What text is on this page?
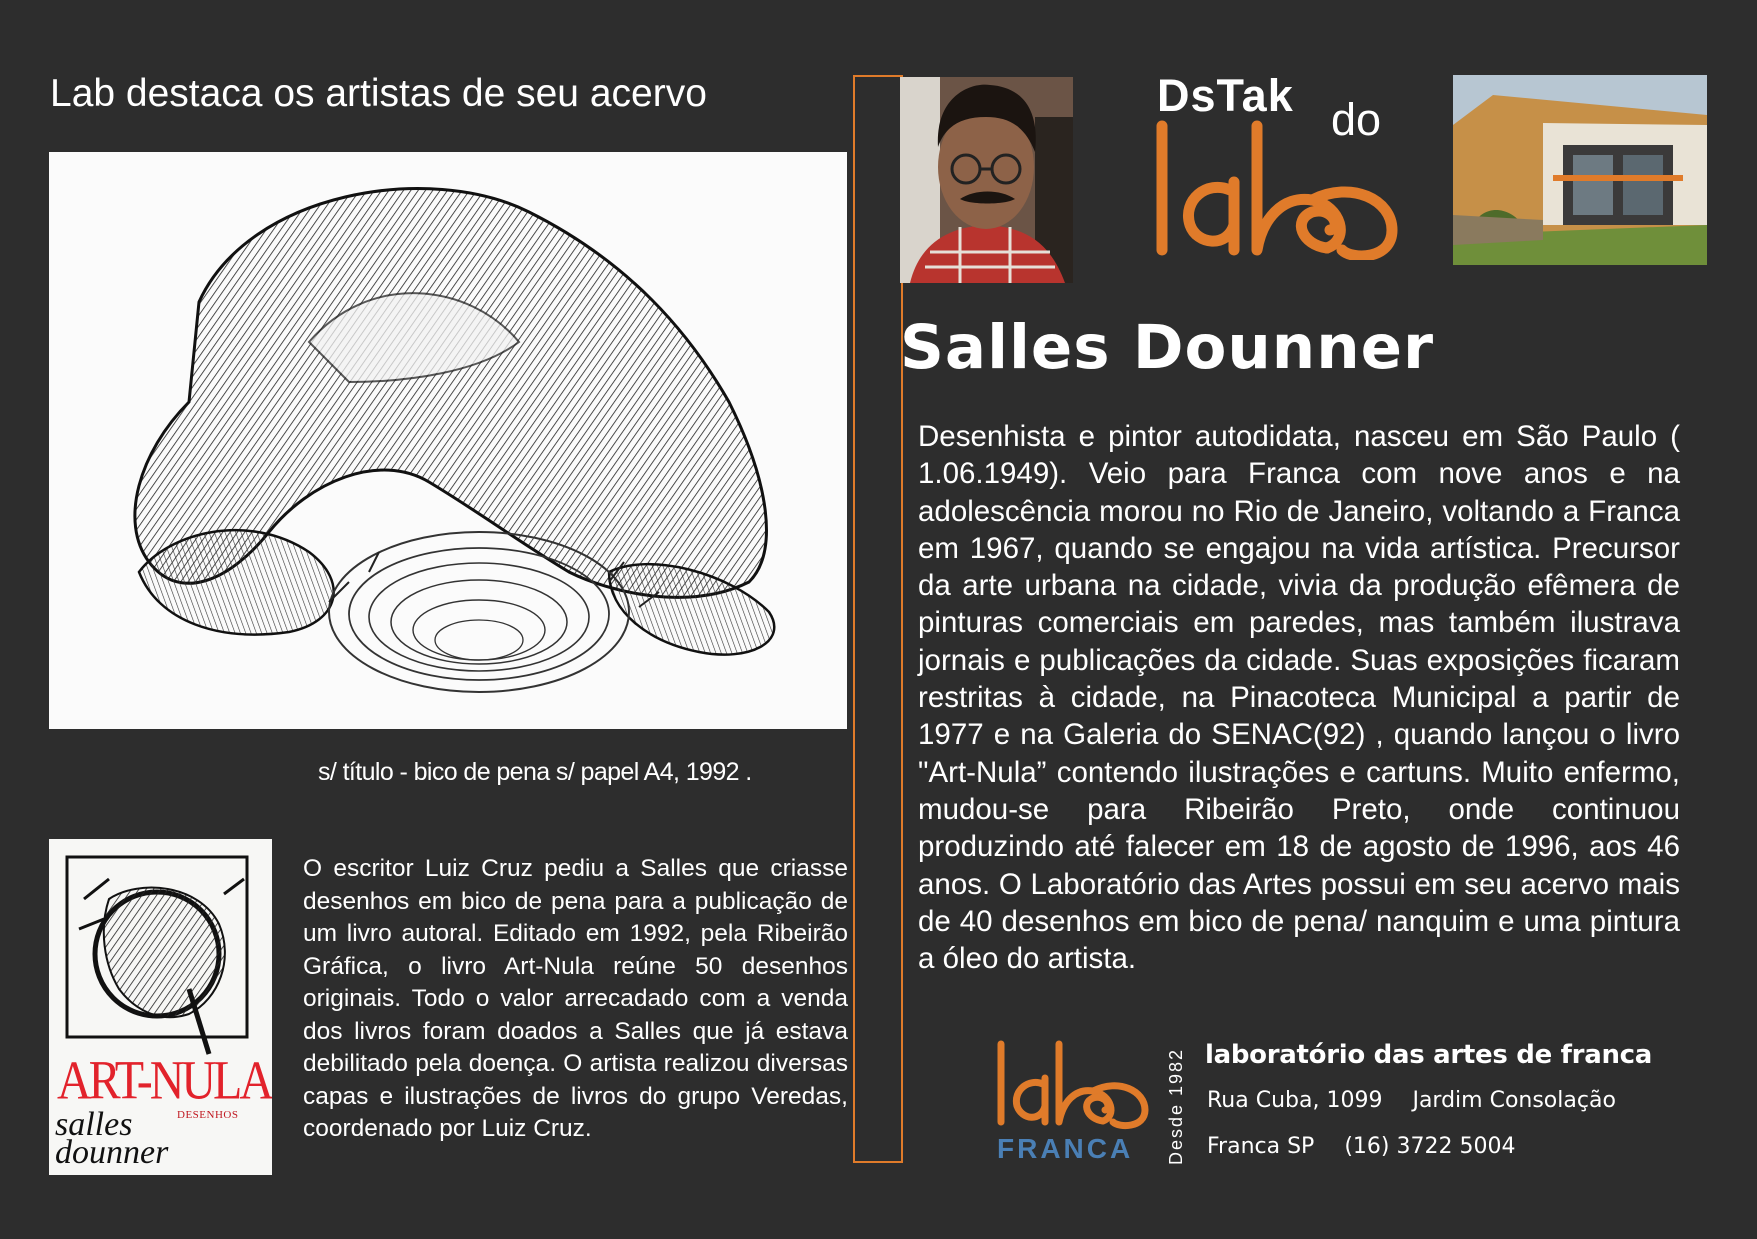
Lab destaca os artistas de seu acervo
s/ título - bico de pena s/ papel A4, 1992 .
ART-NULA
DESENHOS
salles
dounner
O escritor Luiz Cruz pediu a Salles que criasse desenhos em bico de pena para a publicação de um livro autoral. Editado em 1992, pela Ribeirão Gráfica, o livro Art-Nula reúne 50 desenhos originais. Todo o valor arrecadado com a venda dos livros foram doados a Salles que já estava debilitado pela doença. O artista realizou diversas capas e ilustrações de livros do grupo Veredas, coordenado por Luiz Cruz.
DsTak do
Salles Dounner
Desenhista e pintor autodidata, nasceu em São Paulo ( 1.06.1949). Veio para Franca com nove anos e na adolescência morou no Rio de Janeiro, voltando a Franca em 1967, quando se engajou na vida artística. Precursor da arte urbana na cidade, vivia da produção efêmera de pinturas comerciais em paredes, mas também ilustrava jornais e publicações da cidade. Suas exposições ficaram restritas à cidade, na Pinacoteca Municipal a partir de 1977 e na Galeria do SENAC(92) , quando lançou o livro "Art-Nula” contendo ilustrações e cartuns. Muito enfermo, mudou-se para Ribeirão Preto, onde continuou produzindo até falecer em 18 de agosto de 1996, aos 46 anos. O Laboratório das Artes possui em seu acervo mais de 40 desenhos em bico de pena/ nanquim e uma pintura a óleo do artista.
FRANCA Desde 1982 laboratório das artes de franca
Rua Cuba, 1099 Jardim Consolação
Franca SP (16) 3722 5004
